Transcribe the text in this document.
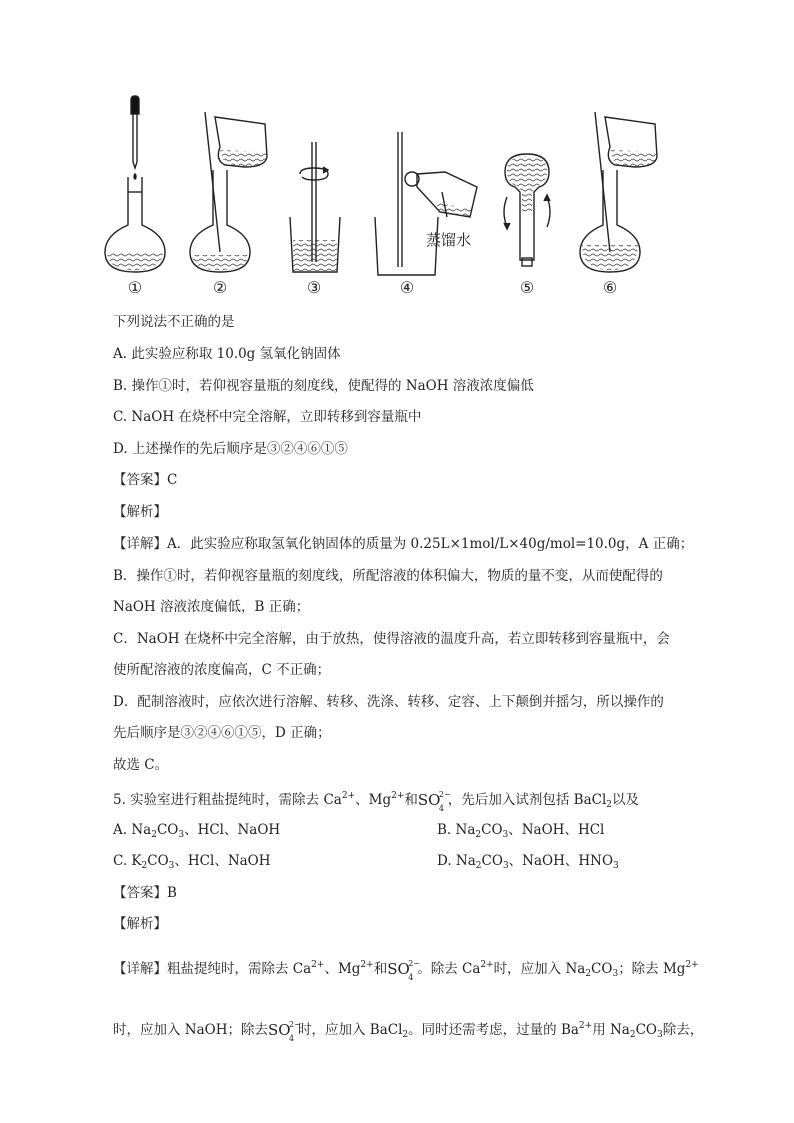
①	②	③	④	⑤	⑥
蒸馏水
下列说法不正确的是
A. 此实验应称取 10.0g 氢氧化钠固体
B. 操作①时，若仰视容量瓶的刻度线，使配得的 NaOH 溶液浓度偏低
C. NaOH 在烧杯中完全溶解，立即转移到容量瓶中
D. 上述操作的先后顺序是③②④⑥①⑤
【答案】C
【解析】
【详解】A．此实验应称取氢氧化钠固体的质量为 0.25L×1mol/L×40g/mol=10.0g，A 正确；
B．操作①时，若仰视容量瓶的刻度线，所配溶液的体积偏大，物质的量不变，从而使配得的
NaOH 溶液浓度偏低，B 正确；
C．NaOH 在烧杯中完全溶解，由于放热，使得溶液的温度升高，若立即转移到容量瓶中，会
使所配溶液的浓度偏高，C 不正确；
D．配制溶液时，应依次进行溶解、转移、洗涤、转移、定容、上下颠倒并摇匀，所以操作的
先后顺序是③②④⑥①⑤，D 正确；
故选 C。
5. 实验室进行粗盐提纯时，需除去 $Ca^{2+}$、$Mg^{2+}$和 SO
2−
4
，先后加入试剂包括 BaCl$_2$以及
A. $Na_2CO_3$、HCl、NaOH	B. $Na_2CO_3$、NaOH、HCl
C. $K_2CO_3$、HCl、NaOH	D. $Na_2CO_3$、NaOH、$HNO_3$
【答案】B
【解析】
【详解】粗盐提纯时，需除去 $Ca^{2+}$、$Mg^{2+}$和 SO
2−
4
。除去 $Ca^{2+}$时，应加入 $Na_2CO_3$；除去 $Mg^{2+}$
时，应加入 NaOH；除去 SO
2−
4
时，应加入 BaCl$_2$。同时还需考虑，过量的 $Ba^{2+}$用 $Na_2CO_3$除去，
